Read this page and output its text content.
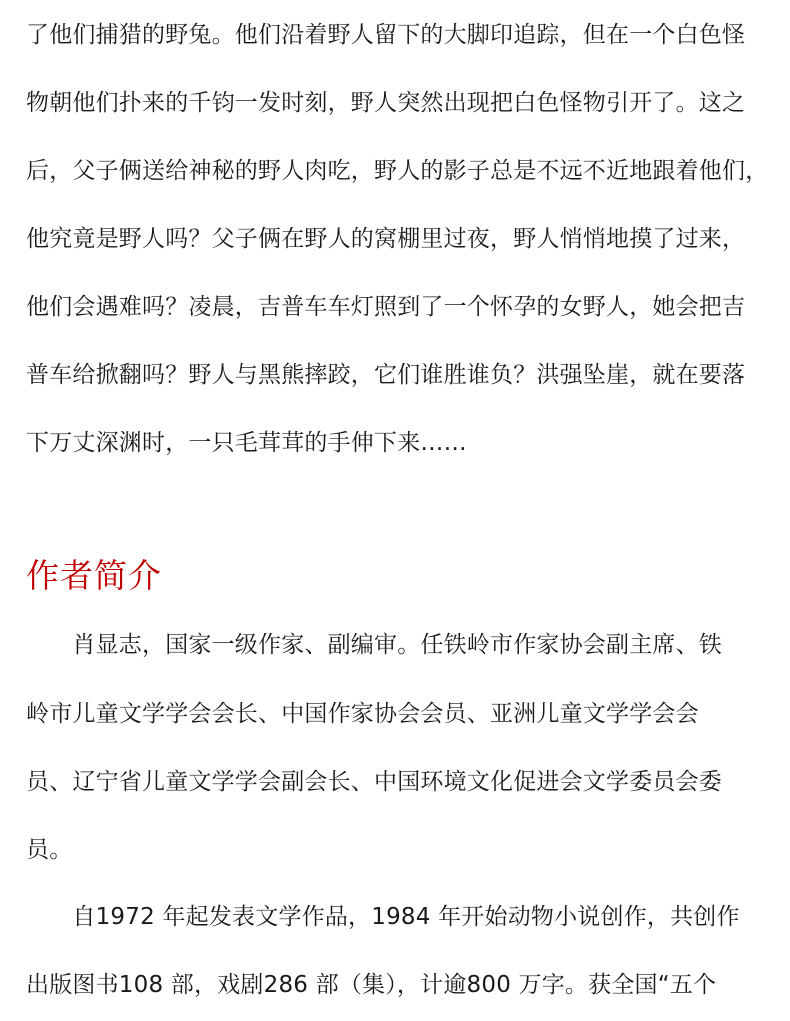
了他们捕猎的野兔。他们沿着野人留下的大脚印追踪，但在一个白色怪
物朝他们扑来的千钧一发时刻，野人突然出现把白色怪物引开了。这之
后，父子俩送给神秘的野人肉吃，野人的影子总是不远不近地跟着他们，
他究竟是野人吗？父子俩在野人的窝棚里过夜，野人悄悄地摸了过来，
他们会遇难吗？凌晨，吉普车车灯照到了一个怀孕的女野人，她会把吉
普车给掀翻吗？野人与黑熊摔跤，它们谁胜谁负？洪强坠崖，就在要落
下万丈深渊时，一只毛茸茸的手伸下来……
作者简介
　　肖显志，国家一级作家、副编审。任铁岭市作家协会副主席、铁
岭市儿童文学学会会长、中国作家协会会员、亚洲儿童文学学会会
员、辽宁省儿童文学学会副会长、中国环境文化促进会文学委员会委
员。
　　自1972 年起发表文学作品，1984 年开始动物小说创作，共创作
出版图书108 部，戏剧286 部（集），计逾800 万字。获全国“五个
